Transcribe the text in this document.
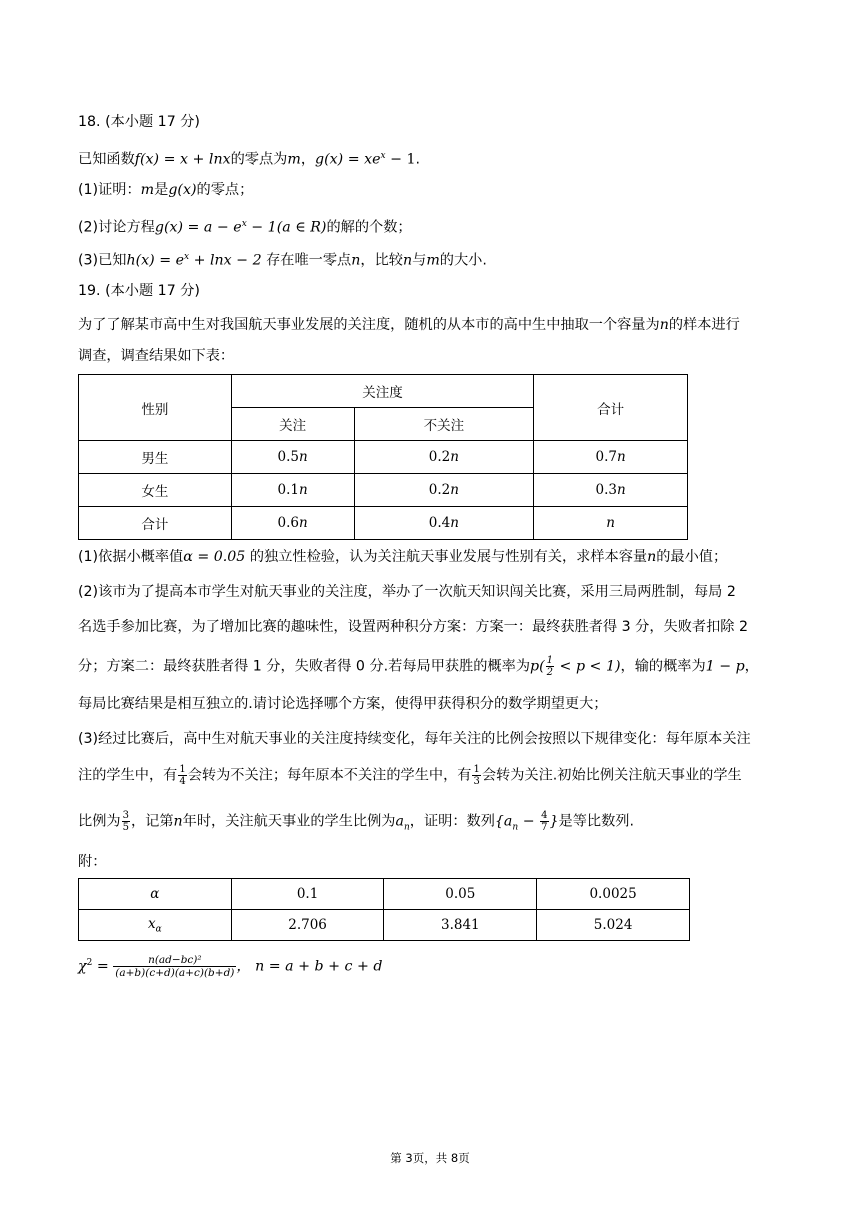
18. (本小题 17 分)
已知函数f(x) = x + lnx的零点为m，$g(x) = xe^x - 1$.
(1)证明：m是g(x)的零点；
(2)讨论方程$g(x) = a - e^x - 1(a$ ∈ R)的解的个数；
(3)已知$h(x) = e^x + \ln x - 2$ 存在唯一零点n，比较n与m的大小.
19. (本小题 17 分)
为了了解某市高中生对我国航天事业发展的关注度，随机的从本市的高中生中抽取一个容量为n的样本进行
调查，调查结果如下表：
性别	关注度		合计
	关注	不关注	
男生	0.5n	0.2n	0.7n
女生	0.1n	0.2n	0.3n
合计	0.6n	0.4n	n
(1)依据小概率值α = 0.05 的独立性检验，认为关注航天事业发展与性别有关，求样本容量n的最小值；
(2)该市为了提高本市学生对航天事业的关注度，举办了一次航天知识闯关比赛，采用三局两胜制，每局 2
名选手参加比赛，为了增加比赛的趣味性，设置两种积分方案：方案一：最终获胜者得 3 分，失败者扣除 2
分；方案二：最终获胜者得 1 分，失败者得 0 分.若每局甲获胜的概率为$p( \frac{1}{2} < p < 1)$，输的概率为1 − p，
每局比赛结果是相互独立的.请讨论选择哪个方案，使得甲获得积分的数学期望更大；
(3)经过比赛后，高中生对航天事业的关注度持续变化，每年关注的比例会按照以下规律变化：每年原本关注
注的学生中，有 $\frac{1}{4}$ 会转为不关注；每年原本不关注的学生中，有 $\frac{1}{3}$ 会转为关注.初始比例关注航天事业的学生
比例为 $\frac{3}{5}$ ，记第n年时，关注航天事业的学生比例为$a_n$，证明：数列{$a_n - \frac{4}{7}$ }是等比数列.
附：
α	0.1	0.05	0.0025
$x_\alpha$	2.706	3.841	5.024
$\chi^2 = \frac{\text{n(ad−bc)²}}{(a+b)(c+d)(a+c)(b+d)}$ ， n = a + b + c + d
第 3页，共 8页
